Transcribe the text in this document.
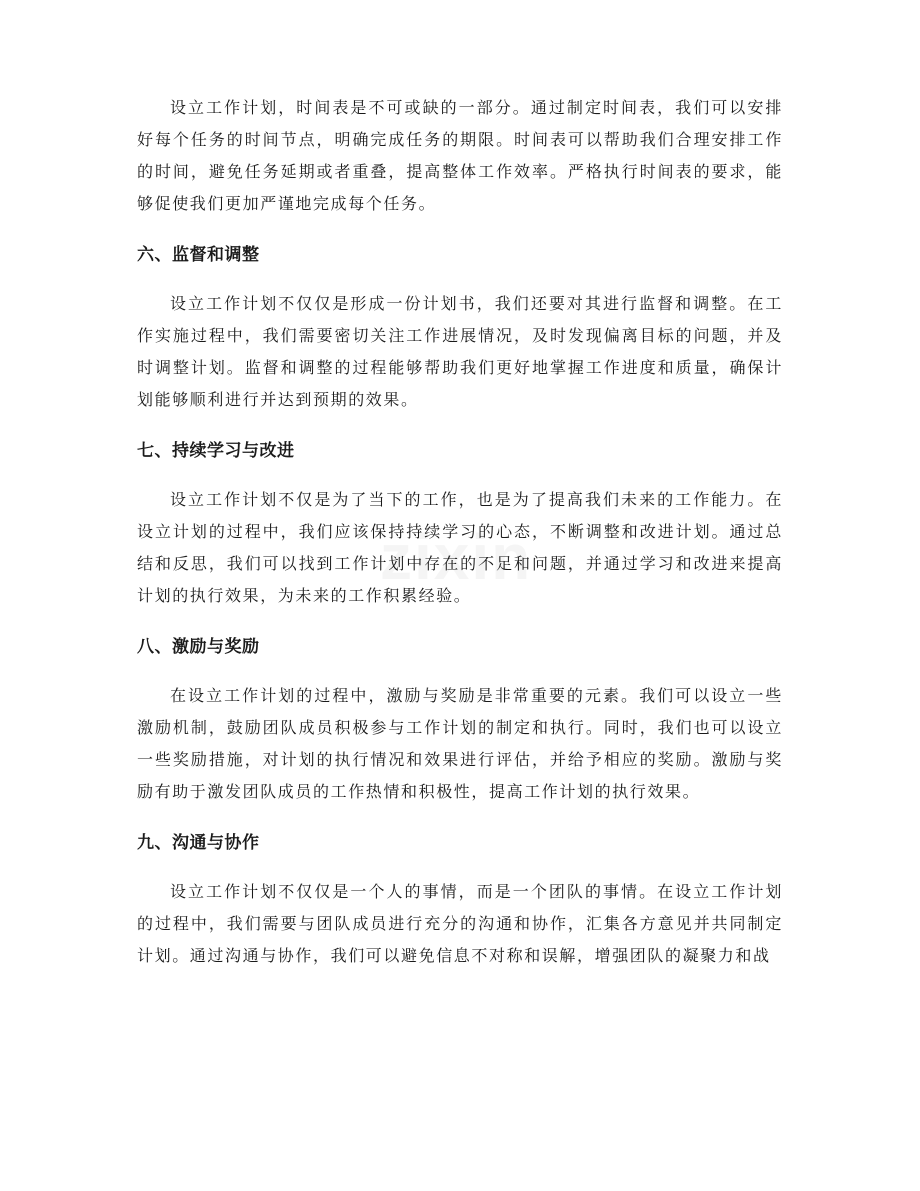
zixin

设立工作计划，时间表是不可或缺的一部分。通过制定时间表，我们可以安排好每个任务的时间节点，明确完成任务的期限。时间表可以帮助我们合理安排工作的时间，避免任务延期或者重叠，提高整体工作效率。严格执行时间表的要求，能够促使我们更加严谨地完成每个任务。

六、监督和调整

设立工作计划不仅仅是形成一份计划书，我们还要对其进行监督和调整。在工作实施过程中，我们需要密切关注工作进展情况，及时发现偏离目标的问题，并及时调整计划。监督和调整的过程能够帮助我们更好地掌握工作进度和质量，确保计划能够顺利进行并达到预期的效果。

七、持续学习与改进

设立工作计划不仅是为了当下的工作，也是为了提高我们未来的工作能力。在设立计划的过程中，我们应该保持持续学习的心态，不断调整和改进计划。通过总结和反思，我们可以找到工作计划中存在的不足和问题，并通过学习和改进来提高计划的执行效果，为未来的工作积累经验。

八、激励与奖励

在设立工作计划的过程中，激励与奖励是非常重要的元素。我们可以设立一些激励机制，鼓励团队成员积极参与工作计划的制定和执行。同时，我们也可以设立一些奖励措施，对计划的执行情况和效果进行评估，并给予相应的奖励。激励与奖励有助于激发团队成员的工作热情和积极性，提高工作计划的执行效果。

九、沟通与协作

设立工作计划不仅仅是一个人的事情，而是一个团队的事情。在设立工作计划的过程中，我们需要与团队成员进行充分的沟通和协作，汇集各方意见并共同制定计划。通过沟通与协作，我们可以避免信息不对称和误解，增强团队的凝聚力和战
